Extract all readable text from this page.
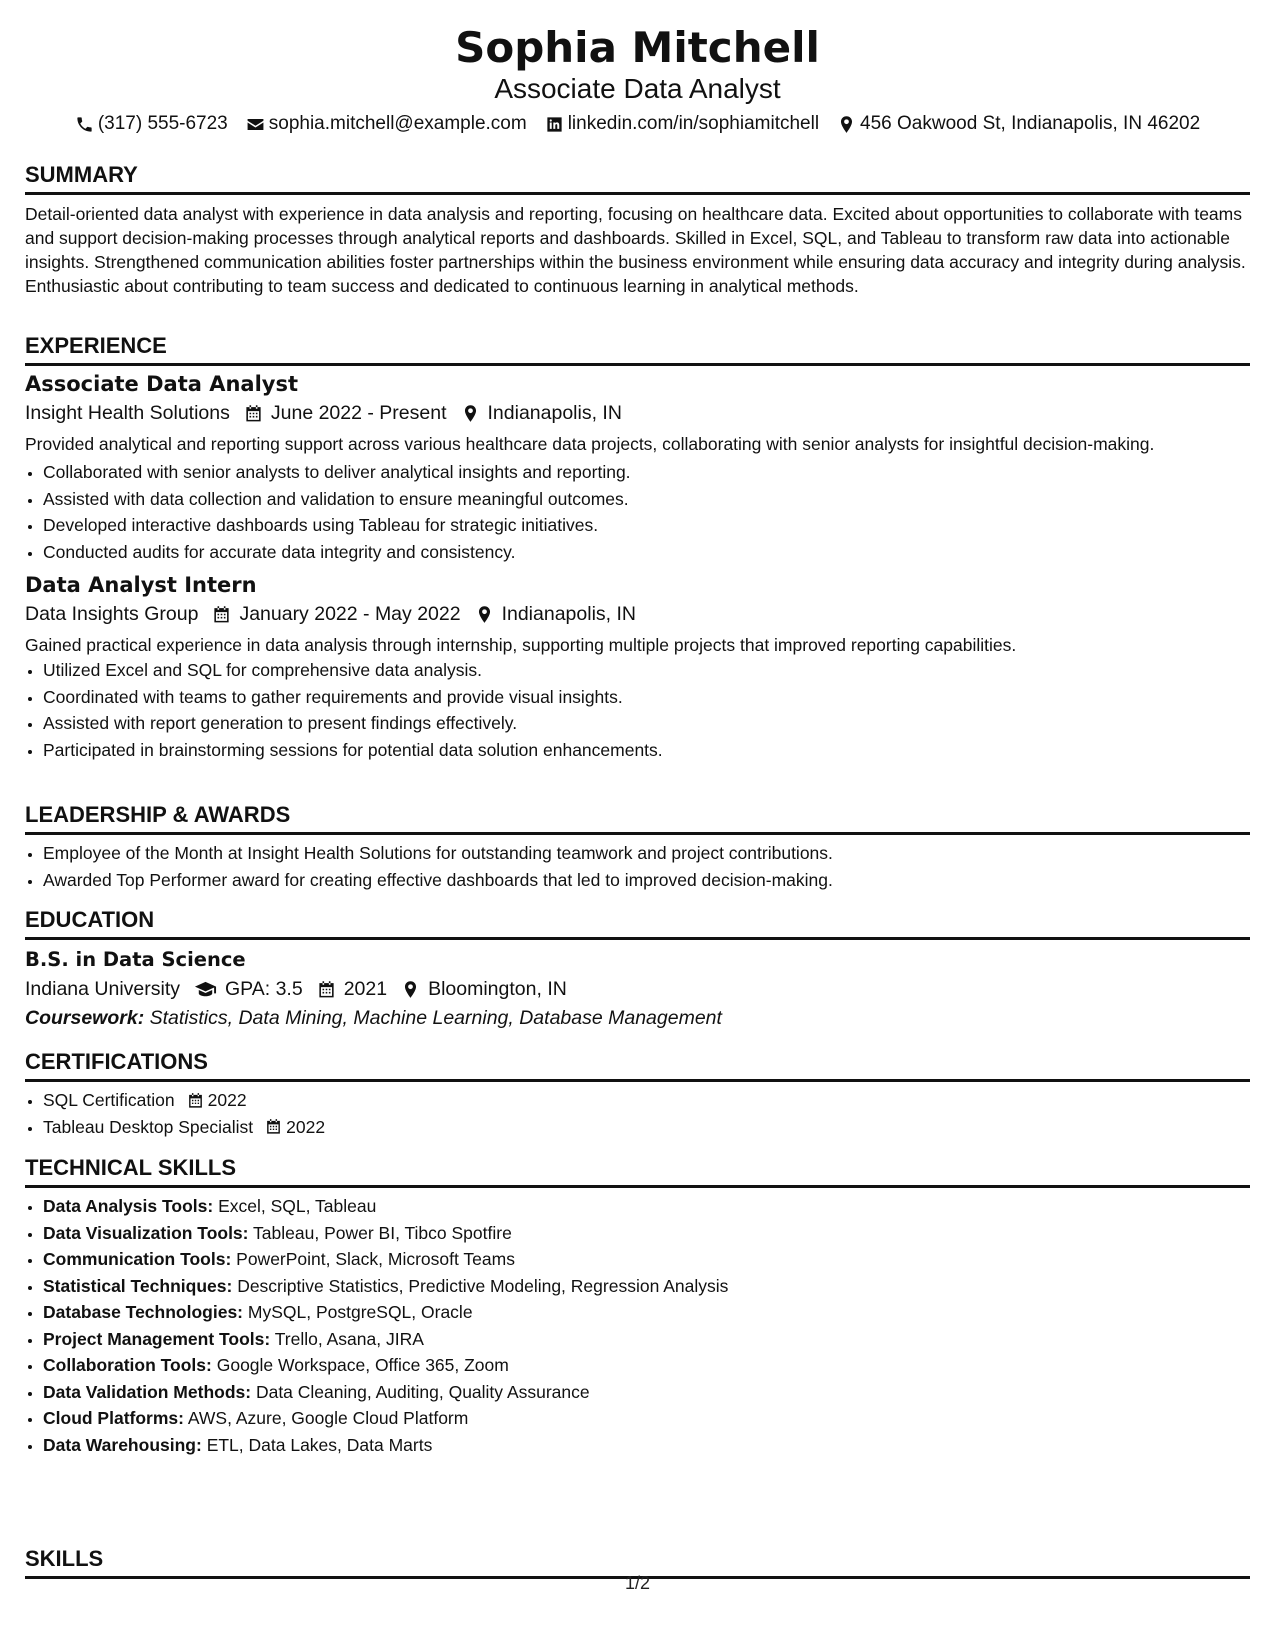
Sophia Mitchell
Associate Data Analyst
(317) 555-6723 sophia.mitchell@example.com linkedin.com/in/sophiamitchell 456 Oakwood St, Indianapolis, IN 46202
SUMMARY
Detail-oriented data analyst with experience in data analysis and reporting, focusing on healthcare data. Excited about opportunities to collaborate with teams and support decision-making processes through analytical reports and dashboards. Skilled in Excel, SQL, and Tableau to transform raw data into actionable insights. Strengthened communication abilities foster partnerships within the business environment while ensuring data accuracy and integrity during analysis. Enthusiastic about contributing to team success and dedicated to continuous learning in analytical methods.
EXPERIENCE
Associate Data Analyst
Insight Health Solutions June 2022 - Present Indianapolis, IN
Provided analytical and reporting support across various healthcare data projects, collaborating with senior analysts for insightful decision-making.
• Collaborated with senior analysts to deliver analytical insights and reporting.
• Assisted with data collection and validation to ensure meaningful outcomes.
• Developed interactive dashboards using Tableau for strategic initiatives.
• Conducted audits for accurate data integrity and consistency.
Data Analyst Intern
Data Insights Group January 2022 - May 2022 Indianapolis, IN
Gained practical experience in data analysis through internship, supporting multiple projects that improved reporting capabilities.
• Utilized Excel and SQL for comprehensive data analysis.
• Coordinated with teams to gather requirements and provide visual insights.
• Assisted with report generation to present findings effectively.
• Participated in brainstorming sessions for potential data solution enhancements.
LEADERSHIP & AWARDS
• Employee of the Month at Insight Health Solutions for outstanding teamwork and project contributions.
• Awarded Top Performer award for creating effective dashboards that led to improved decision-making.
EDUCATION
B.S. in Data Science
Indiana University GPA: 3.5 2021 Bloomington, IN
Coursework: Statistics, Data Mining, Machine Learning, Database Management
CERTIFICATIONS
• SQL Certification 2022
• Tableau Desktop Specialist 2022
TECHNICAL SKILLS
• Data Analysis Tools: Excel, SQL, Tableau
• Data Visualization Tools: Tableau, Power BI, Tibco Spotfire
• Communication Tools: PowerPoint, Slack, Microsoft Teams
• Statistical Techniques: Descriptive Statistics, Predictive Modeling, Regression Analysis
• Database Technologies: MySQL, PostgreSQL, Oracle
• Project Management Tools: Trello, Asana, JIRA
• Collaboration Tools: Google Workspace, Office 365, Zoom
• Data Validation Methods: Data Cleaning, Auditing, Quality Assurance
• Cloud Platforms: AWS, Azure, Google Cloud Platform
• Data Warehousing: ETL, Data Lakes, Data Marts
SKILLS
1/2
